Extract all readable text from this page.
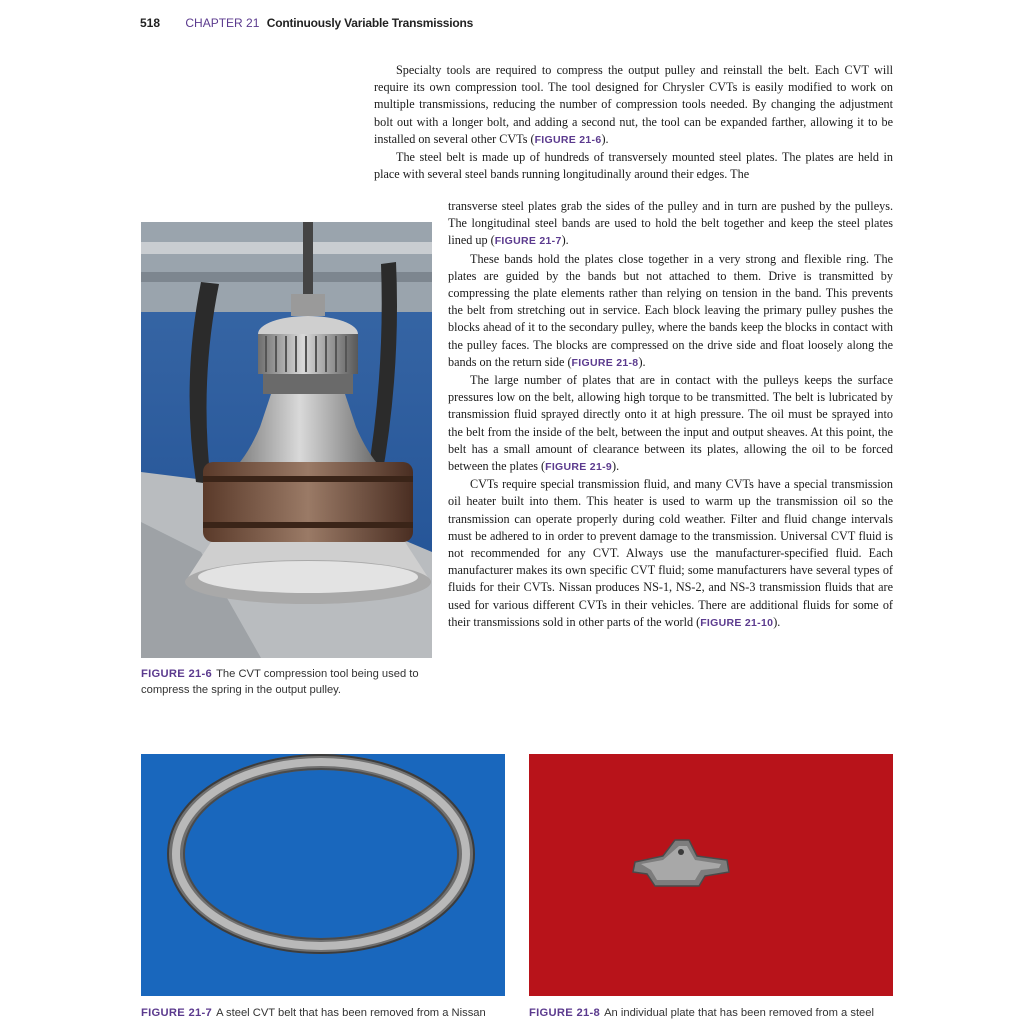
518 CHAPTER 21 Continuously Variable Transmissions

Specialty tools are required to compress the output pulley and reinstall the belt. Each CVT will require its own compression tool. The tool designed for Chrysler CVTs is easily modified to work on multiple transmissions, reducing the number of compression tools needed. By changing the adjustment bolt out with a longer bolt, and adding a second nut, the tool can be expanded farther, allowing it to be installed on several other CVTs (FIGURE 21-6).

The steel belt is made up of hundreds of transversely mounted steel plates. The plates are held in place with several steel bands running longitudinally around their edges. The

transverse steel plates grab the sides of the pulley and in turn are pushed by the pulleys. The longitudinal steel bands are used to hold the belt together and keep the steel plates lined up (FIGURE 21-7).

These bands hold the plates close together in a very strong and flexible ring. The plates are guided by the bands but not attached to them. Drive is transmitted by compressing the plate elements rather than relying on tension in the band. This prevents the belt from stretching out in service. Each block leaving the primary pulley pushes the blocks ahead of it to the secondary pulley, where the bands keep the blocks in contact with the pulley faces. The blocks are compressed on the drive side and float loosely along the bands on the return side (FIGURE 21-8).

The large number of plates that are in contact with the pulleys keeps the surface pressures low on the belt, allowing high torque to be transmitted. The belt is lubricated by transmission fluid sprayed directly onto it at high pressure. The oil must be sprayed into the belt from the inside of the belt, between the input and output sheaves. At this point, the belt has a small amount of clearance between its plates, allowing the oil to be forced between the plates (FIGURE 21-9).

CVTs require special transmission fluid, and many CVTs have a special transmission oil heater built into them. This heater is used to warm up the transmission oil so the transmission can operate properly during cold weather. Filter and fluid change intervals must be adhered to in order to prevent damage to the transmission. Universal CVT fluid is not recommended for any CVT. Always use the manufacturer-specified fluid. Each manufacturer makes its own specific CVT fluid; some manufacturers have several types of fluids for their CVTs. Nissan produces NS-1, NS-2, and NS-3 transmission fluids that are used for various different CVTs in their vehicles. There are additional fluids for some of their transmissions sold in other parts of the world (FIGURE 21-10).

FIGURE 21-6 The CVT compression tool being used to compress the spring in the output pulley.
FIGURE 21-7 A steel CVT belt that has been removed from a Nissan	FIGURE 21-8 An individual plate that has been removed from a steel
